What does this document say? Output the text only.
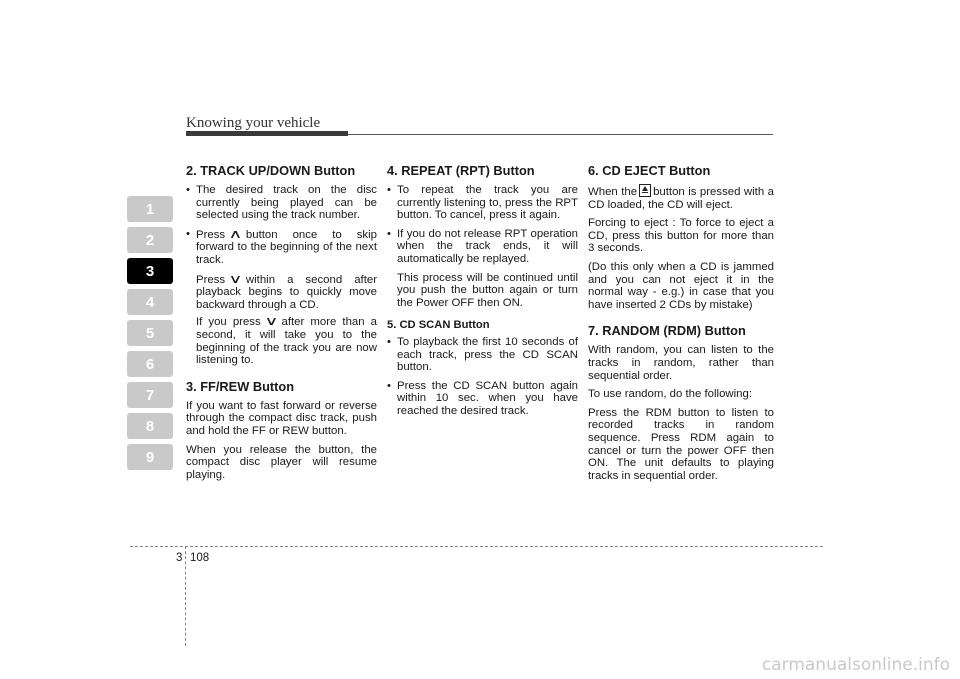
Knowing your vehicle
1
2
3
4
5
6
7
8
9
2. TRACK UP/DOWN Button
• The desired track on the disc currently being played can be selected using the track number.
• Press ∧ button once to skip forward to the beginning of the next track.
Press ∨ within a second after playback begins to quickly move backward through a CD.
If you press ∨ after more than a second, it will take you to the beginning of the track you are now listening to.
3. FF/REW Button

If you want to fast forward or reverse through the compact disc track, push and hold the FF or REW button.

When you release the button, the compact disc player will resume playing.

4. REPEAT (RPT) Button
• To repeat the track you are currently listening to, press the RPT button. To cancel, press it again.
• If you do not release RPT operation when the track ends, it will automatically be replayed.
This process will be continued until you push the button again or turn the Power OFF then ON.
5. CD SCAN Button
• To playback the first 10 seconds of each track, press the CD SCAN button.
• Press the CD SCAN button again within 10 sec. when you have reached the desired track.
6. CD EJECT Button

When the button is pressed with a CD loaded, the CD will eject.

Forcing to eject : To force to eject a CD, press this button for more than 3 seconds.

(Do this only when a CD is jammed and you can not eject it in the normal way - e.g.) in case that you have inserted 2 CDs by mistake)

7. RANDOM (RDM) Button

With random, you can listen to the tracks in random, rather than sequential order.

To use random, do the following:

Press the RDM button to listen to recorded tracks in random sequence. Press RDM again to cancel or turn the power OFF then ON. The unit defaults to playing tracks in sequential order.

3 108
carmanualsonline.info
